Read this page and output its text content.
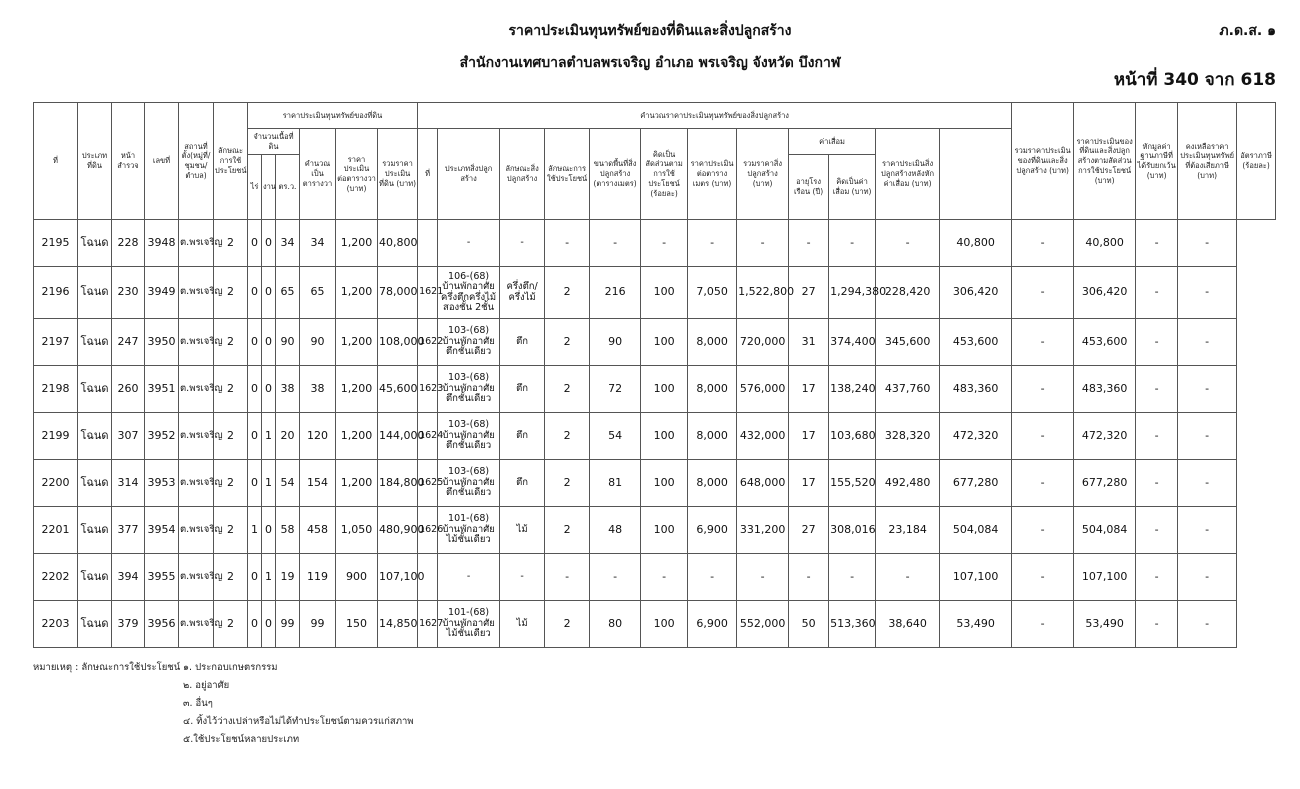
ราคาประเมินทุนทรัพย์ของที่ดินและสิ่งปลูกสร้าง
สำนักงานเทศบาลตำบลพรเจริญ อำเภอ พรเจริญ จังหวัด บึงกาฬ
ภ.ด.ส. ๑
หน้าที่ 340 จาก 618
ที่	ประเภทที่ดิน	หน้าสำรวจ	เลขที่	สถานที่ตั้ง(หมู่ที่/ชุมชน/ตำบล)	ลักษณะการใช้ประโยชน์	ราคาประเมินทุนทรัพย์ของที่ดิน						คำนวณราคาประเมินทุนทรัพย์ของสิ่งปลูกสร้าง												รวมราคาประเมินของที่ดินและสิ่งปลูกสร้าง (บาท)	ราคาประเมินของที่ดินและสิ่งปลูกสร้างตามสัดส่วนการใช้ประโยชน์ (บาท)	หักมูลค่าฐานภาษีที่ได้รับยกเว้น (บาท)	คงเหลือราคาประเมินทุนทรัพย์ที่ต้องเสียภาษี (บาท)	อัตราภาษี (ร้อยละ)
						จำนวนเนื้อที่ดิน			คำนวณเป็นตารางวา	ราคาประเมินต่อตารางวา (บาท)	รวมราคาประเมินที่ดิน (บาท)	ที่	ประเภทสิ่งปลูกสร้าง	ลักษณะสิ่งปลูกสร้าง	ลักษณะการใช้ประโยชน์	ขนาดพื้นที่สิ่งปลูกสร้าง (ตารางเมตร)	คิดเป็นสัดส่วนตามการใช้ประโยชน์ (ร้อยละ)	ราคาประเมินต่อตารางเมตร (บาท)	รวมราคาสิ่งปลูกสร้าง (บาท)	ค่าเสื่อม		ราคาประเมินสิ่งปลูกสร้างหลังหักค่าเสื่อม (บาท)						
						ไร่	งาน	ตร.ว.												อายุโรงเรือน (ปี)	คิดเป็นค่าเสื่อม (บาท)							
2195	โฉนด	228	3948	ต.พรเจริญ	2	0	0	34	34	1,200	40,800		-	-	-	-	-	-	-	-	-	-	40,800	-	40,800	-	-	
2196	โฉนด	230	3949	ต.พรเจริญ	2	0	0	65	65	1,200	78,000	1621	106-(68) บ้านพักอาศัยครึ่งตึกครึ่งไม้สองชั้น 2ชั้น	ครึ่งตึก/ครึ่งไม้	2	216	100	7,050	1,522,800	27	1,294,380	228,420	306,420	-	306,420	-	-	
2197	โฉนด	247	3950	ต.พรเจริญ	2	0	0	90	90	1,200	108,000	1622	103-(68) บ้านพักอาศัยตึกชั้นเดียว	ตึก	2	90	100	8,000	720,000	31	374,400	345,600	453,600	-	453,600	-	-	
2198	โฉนด	260	3951	ต.พรเจริญ	2	0	0	38	38	1,200	45,600	1623	103-(68) บ้านพักอาศัยตึกชั้นเดียว	ตึก	2	72	100	8,000	576,000	17	138,240	437,760	483,360	-	483,360	-	-	
2199	โฉนด	307	3952	ต.พรเจริญ	2	0	1	20	120	1,200	144,000	1624	103-(68) บ้านพักอาศัยตึกชั้นเดียว	ตึก	2	54	100	8,000	432,000	17	103,680	328,320	472,320	-	472,320	-	-	
2200	โฉนด	314	3953	ต.พรเจริญ	2	0	1	54	154	1,200	184,800	1625	103-(68) บ้านพักอาศัยตึกชั้นเดียว	ตึก	2	81	100	8,000	648,000	17	155,520	492,480	677,280	-	677,280	-	-	
2201	โฉนด	377	3954	ต.พรเจริญ	2	1	0	58	458	1,050	480,900	1626	101-(68) บ้านพักอาศัยไม้ชั้นเดียว	ไม้	2	48	100	6,900	331,200	27	308,016	23,184	504,084	-	504,084	-	-	
2202	โฉนด	394	3955	ต.พรเจริญ	2	0	1	19	119	900	107,100		-	-	-	-	-	-	-	-	-	-	107,100	-	107,100	-	-	
2203	โฉนด	379	3956	ต.พรเจริญ	2	0	0	99	99	150	14,850	1627	101-(68) บ้านพักอาศัยไม้ชั้นเดียว	ไม้	2	80	100	6,900	552,000	50	513,360	38,640	53,490	-	53,490	-	-	
หมายเหตุ : ลักษณะการใช้ประโยชน์ ๑. ประกอบเกษตรกรรม
๒. อยู่อาศัย
๓. อื่นๆ
๔. ทิ้งไว้ว่างเปล่าหรือไม่ได้ทำประโยชน์ตามควรแก่สภาพ
๕.ใช้ประโยชน์หลายประเภท
